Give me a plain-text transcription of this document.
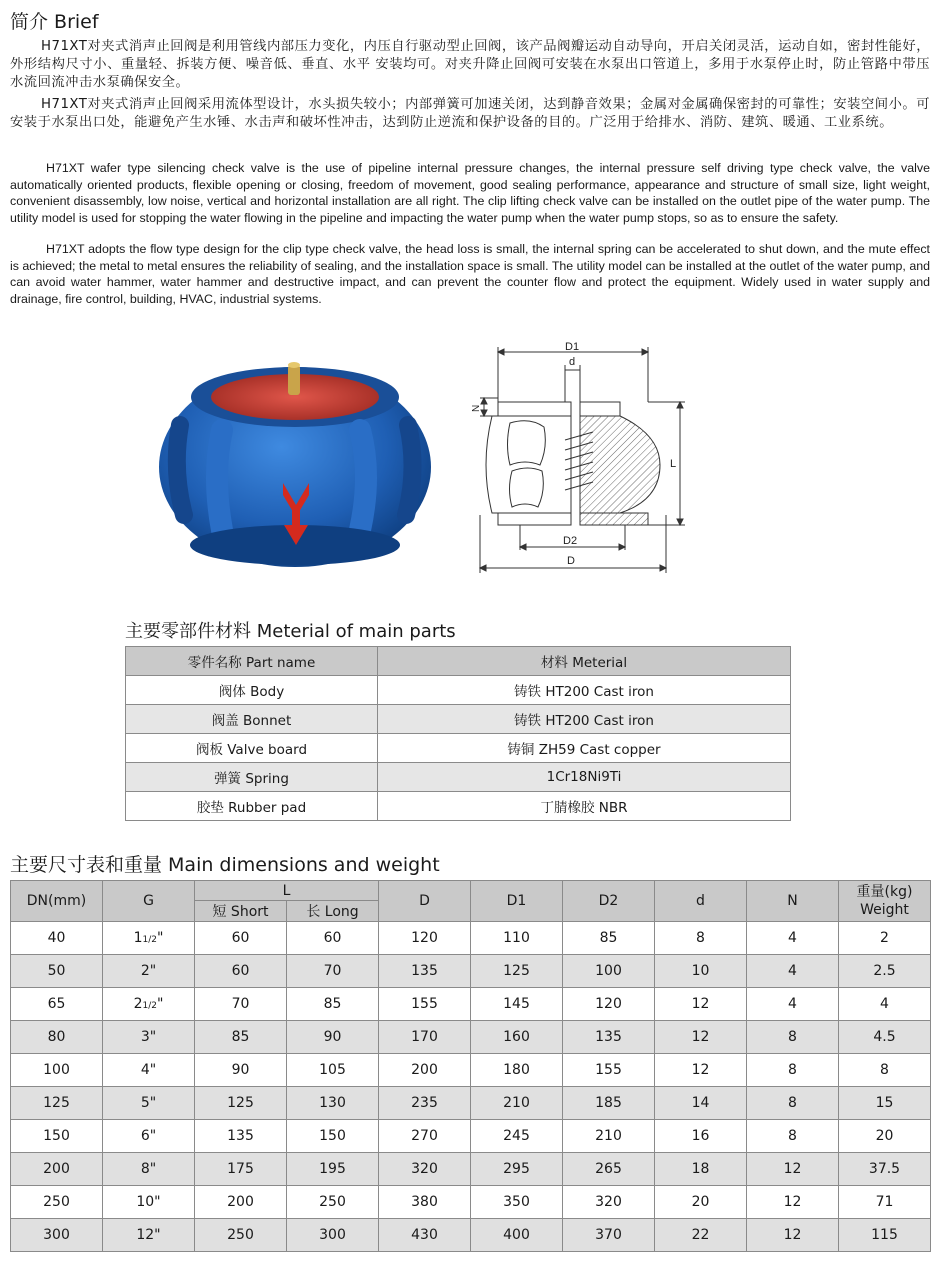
简介 Brief

H71XT对夹式消声止回阀是利用管线内部压力变化，内压自行驱动型止回阀，该产品阀瓣运动自动导向，开启关闭灵活，运动自如，密封性能好，外形结构尺寸小、重量轻、拆装方便、噪音低、垂直、水平 安装均可。对夹升降止回阀可安装在水泵出口管道上，多用于水泵停止时，防止管路中带压水流回流冲击水泵确保安全。

H71XT对夹式消声止回阀采用流体型设计，水头损失较小；内部弹簧可加速关闭，达到静音效果；金属对金属确保密封的可靠性；安装空间小。可安装于水泵出口处，能避免产生水锤、水击声和破坏性冲击，达到防止逆流和保护设备的目的。广泛用于给排水、消防、建筑、暖通、工业系统。

H71XT wafer type silencing check valve is the use of pipeline internal pressure changes, the internal pressure self driving type check valve, the valve automatically oriented products, flexible opening or closing, freedom of movement, good sealing performance, appearance and structure of small size, light weight, convenient disassembly, low noise, vertical and horizontal installation are all right. The clip lifting check valve can be installed on the outlet pipe of the water pump. The utility model is used for stopping the water flowing in the pipeline and impacting the water pump when the water pump stops, so as to ensure the safety.

H71XT adopts the flow type design for the clip type check valve, the head loss is small, the internal spring can be accelerated to shut down, and the mute effect is achieved; the metal to metal ensures the reliability of sealing, and the installation space is small. The utility model can be installed at the outlet of the water pump, and can avoid water hammer, water hammer and destructive impact, and can prevent the counter flow and protect the equipment. Widely used in water supply and drainage, fire control, building, HVAC, industrial systems.

D1
d
N
L
D2
D
主要零部件材料 Meterial of main parts
零件名称 Part name	材料 Meterial
阀体 Body	铸铁 HT200 Cast iron
阀盖 Bonnet	铸铁 HT200 Cast iron
阀板 Valve board	铸铜 ZH59 Cast copper
弹簧 Spring	1Cr18Ni9Ti
胶垫 Rubber pad	丁腈橡胶 NBR
主要尺寸表和重量 Main dimensions and weight
DN(mm)	G	L		D	D1	D2	d	N	重量(kg)
Weight
		短 Short	长 Long						
40	11/2"	60	60	120	110	85	8	4	2
50	2"	60	70	135	125	100	10	4	2.5
65	21/2"	70	85	155	145	120	12	4	4
80	3"	85	90	170	160	135	12	8	4.5
100	4"	90	105	200	180	155	12	8	8
125	5"	125	130	235	210	185	14	8	15
150	6"	135	150	270	245	210	16	8	20
200	8"	175	195	320	295	265	18	12	37.5
250	10"	200	250	380	350	320	20	12	71
300	12"	250	300	430	400	370	22	12	115
